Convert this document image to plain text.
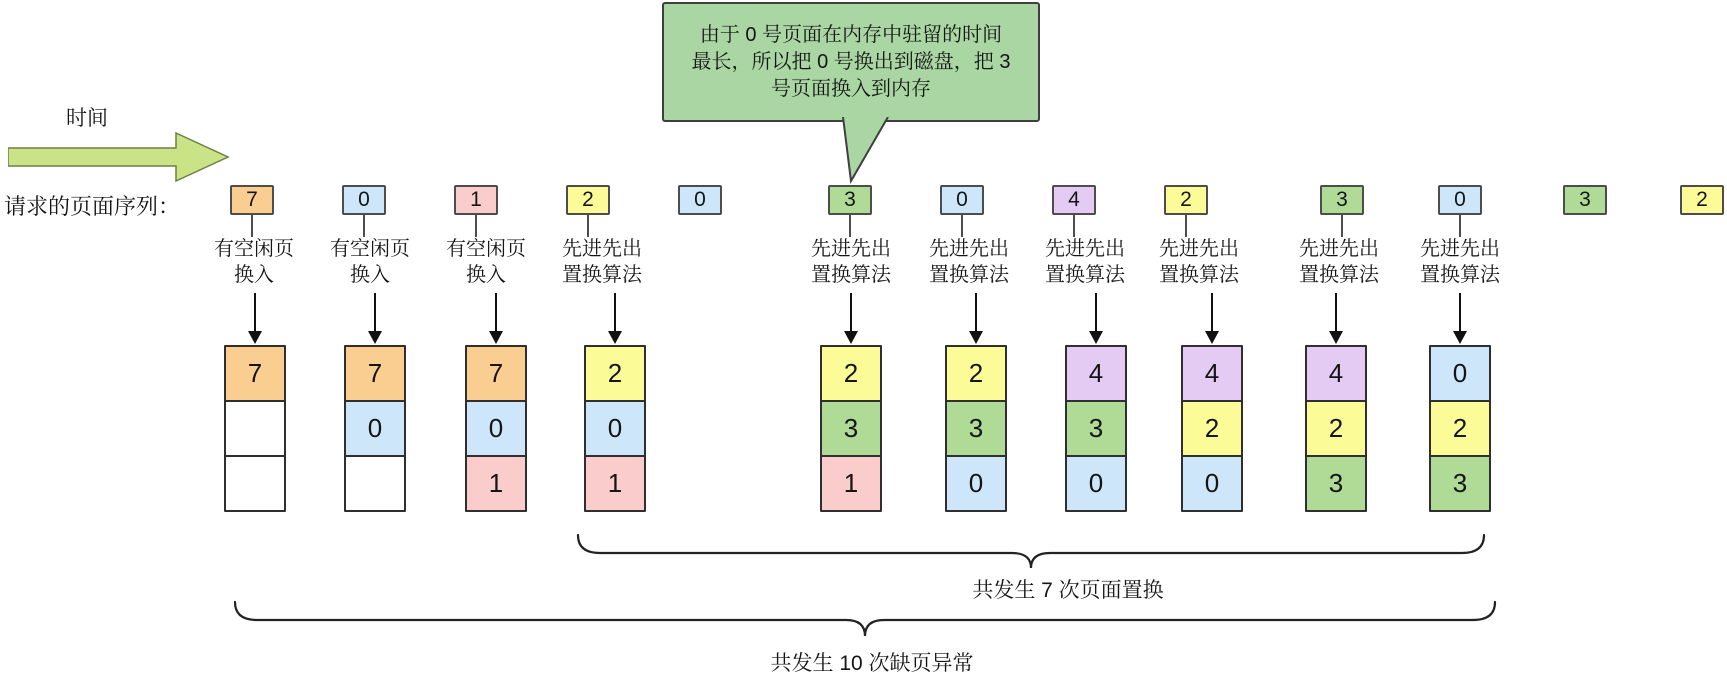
由于 0 号页面在内存中驻留的时间
最长，所以把 0 号换出到磁盘，把 3
号页面换入到内存
时间
请求的页面序列：
共发生 7 次页面置换
共发生 10 次缺页异常
7
有空闲页
换入
7
0
有空闲页
换入
7
0
1
有空闲页
换入
7
0
1
2
先进先出
置换算法
2
0
1
0	3
先进先出
置换算法
2
3
1
0
先进先出
置换算法
2
3
0
4
先进先出
置换算法
4
3
0
2
先进先出
置换算法
4
2
0
3
先进先出
置换算法
4
2
3
0
先进先出
置换算法
0
2
3
3	2
